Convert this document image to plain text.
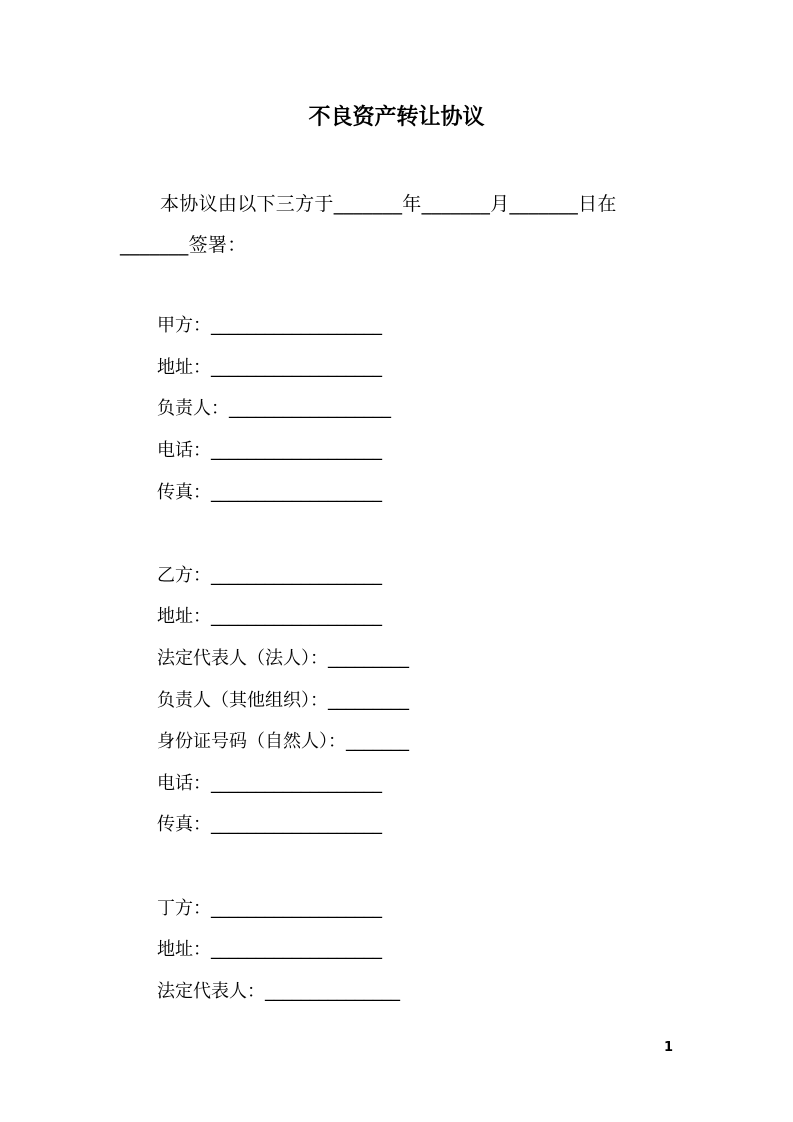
不良资产转让协议

本协议由以下三方于_______年_______月_______日在_______签署：

甲方：___________________

地址：___________________

负责人：__________________

电话：___________________

传真：___________________

乙方：___________________

地址：___________________

法定代表人（法人）：_________

负责人（其他组织）：_________

身份证号码（自然人）：_______

电话：___________________

传真：___________________

丁方：___________________

地址：___________________

法定代表人：_______________

1
